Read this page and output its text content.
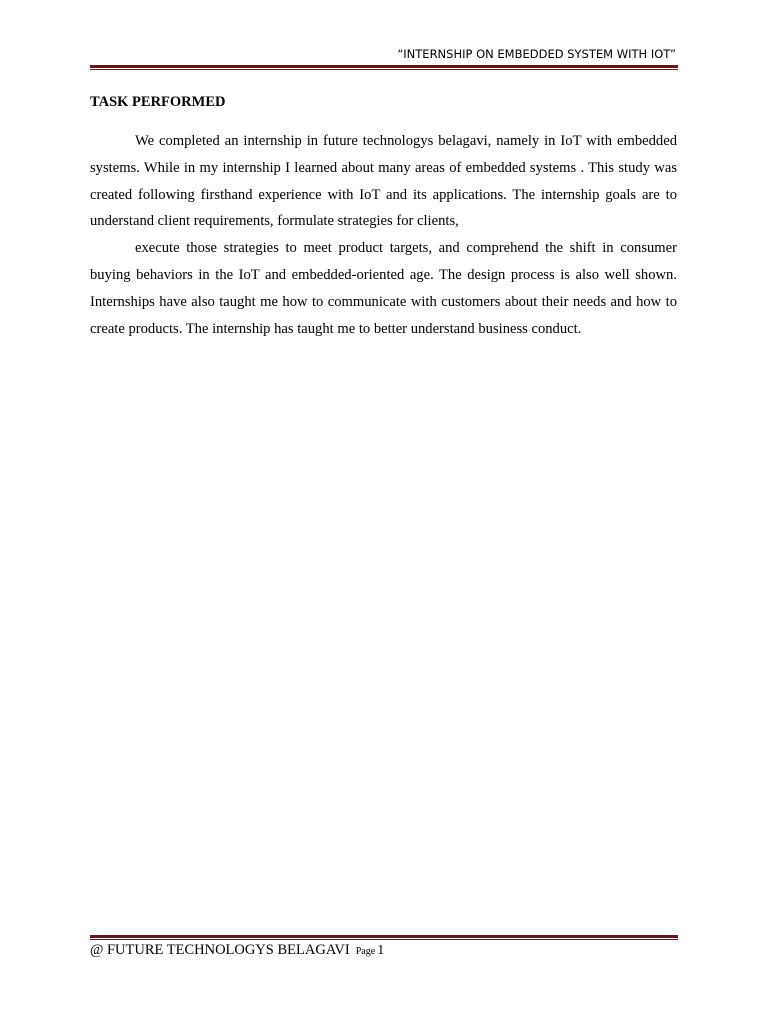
“INTERNSHIP ON EMBEDDED SYSTEM WITH IOT”
TASK PERFORMED

We completed an internship in future technologys belagavi, namely in IoT with embedded systems. While in my internship I learned about many areas of embedded systems . This study was created following firsthand experience with IoT and its applications. The internship goals are to understand client requirements, formulate strategies for clients,

execute those strategies to meet product targets, and comprehend the shift in consumer buying behaviors in the IoT and embedded-oriented age. The design process is also well shown. Internships have also taught me how to communicate with customers about their needs and how to create products. The internship has taught me to better understand business conduct.

@ FUTURE TECHNOLOGYS BELAGAVI Page 1
